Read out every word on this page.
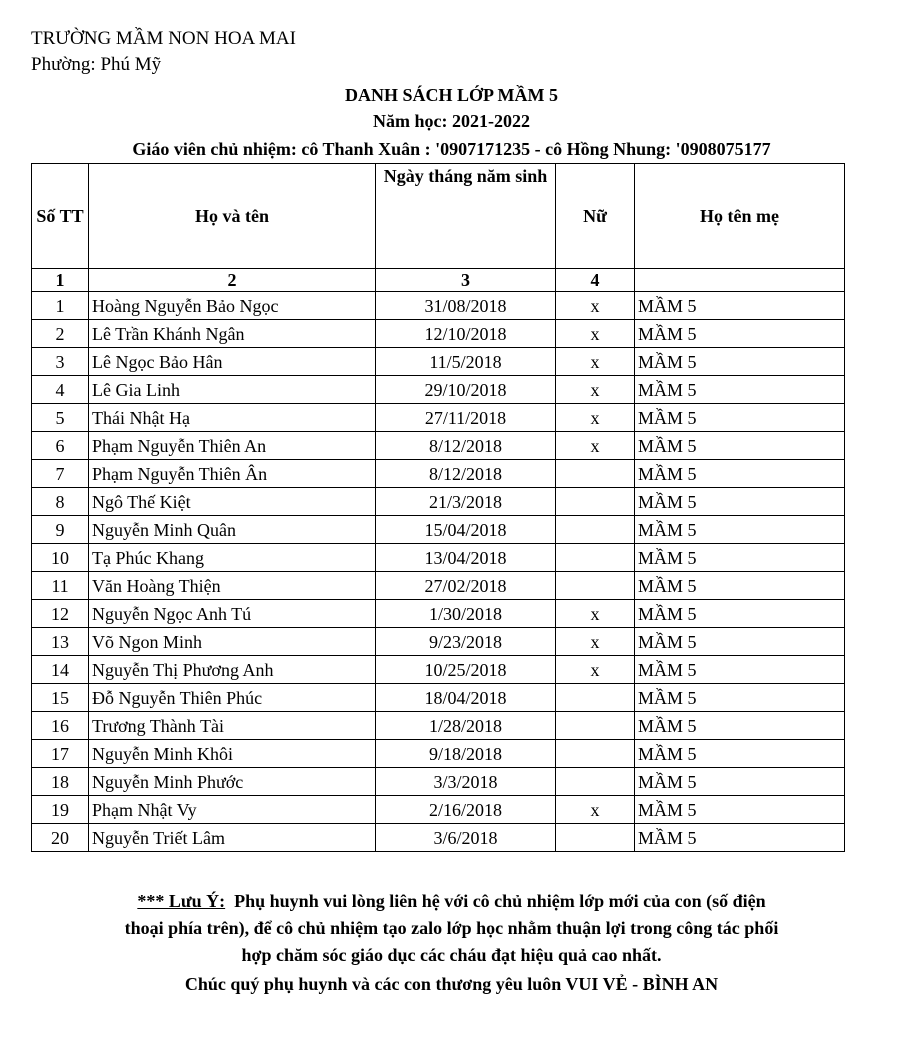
TRƯỜNG MẦM NON HOA MAI
Phường: Phú Mỹ
DANH SÁCH LỚP MẦM 5
Năm học: 2021-2022
Giáo viên chủ nhiệm: cô Thanh Xuân : '0907171235 - cô Hồng Nhung: '0908075177
Số TT	Họ và tên	Ngày tháng năm sinh	Nữ	Họ tên mẹ
1	2	3	4	
1	Hoàng Nguyễn Bảo Ngọc	31/08/2018	x	MẦM 5
2	Lê Trần Khánh Ngân	12/10/2018	x	MẦM 5
3	Lê Ngọc Bảo Hân	11/5/2018	x	MẦM 5
4	Lê Gia Linh	29/10/2018	x	MẦM 5
5	Thái Nhật Hạ	27/11/2018	x	MẦM 5
6	Phạm Nguyễn Thiên An	8/12/2018	x	MẦM 5
7	Phạm Nguyễn Thiên Ân	8/12/2018		MẦM 5
8	Ngô Thế Kiệt	21/3/2018		MẦM 5
9	Nguyễn Minh Quân	15/04/2018		MẦM 5
10	Tạ Phúc Khang	13/04/2018		MẦM 5
11	Văn Hoàng Thiện	27/02/2018		MẦM 5
12	Nguyễn Ngọc Anh Tú	1/30/2018	x	MẦM 5
13	Võ Ngon Minh	9/23/2018	x	MẦM 5
14	Nguyễn Thị Phương Anh	10/25/2018	x	MẦM 5
15	Đỗ Nguyễn Thiên Phúc	18/04/2018		MẦM 5
16	Trương Thành Tài	1/28/2018		MẦM 5
17	Nguyễn Minh Khôi	9/18/2018		MẦM 5
18	Nguyễn Minh Phước	3/3/2018		MẦM 5
19	Phạm Nhật Vy	2/16/2018	x	MẦM 5
20	Nguyễn Triết Lâm	3/6/2018		MẦM 5
*** Lưu Ý: Phụ huynh vui lòng liên hệ với cô chủ nhiệm lớp mới của con (số điện
thoại phía trên), để cô chủ nhiệm tạo zalo lớp học nhằm thuận lợi trong công tác phối
hợp chăm sóc giáo dục các cháu đạt hiệu quả cao nhất.
Chúc quý phụ huynh và các con thương yêu luôn VUI VẺ - BÌNH AN
